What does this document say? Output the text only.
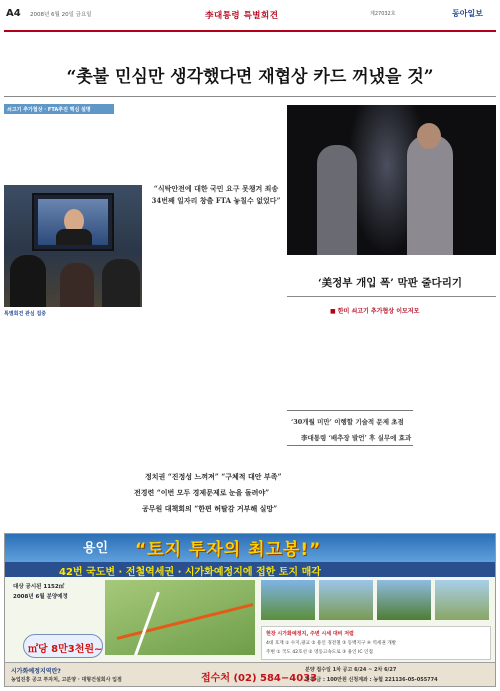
A4 2008년 6월 20일 금요일	李대통령 특별회견	제27032호	동아일보
“촛불 민심만 생각했다면 재협상 카드 꺼냈을 것”
쇠고기 추가협상 · FTA추진 핵심 설명
특별회견 관심 집중
“식탁안전에 대한 국민 요구 못챙겨 죄송 34번째 일자리 창출 FTA 놓칠수 없었다”
‘美정부 개입 폭’ 막판 줄다리기
■ 한미 쇠고기 추가협상 이모저모
‘30개월 미만’ 이행할 기술적 문제 초점
李대통령 ‘배추장 발언’ 후 실무에 효과
정치권 “진정성 느껴져” “구체적 대안 부족”
전경련 “이번 모두 경제문제로 눈을 돌려야”
공무원 대책회의 “한편 허탈감 거부해 실망”
용인 “토지 투자의 최고봉!”
42번 국도변 · 전철역세권 · 시가화예정지에 접한 토지 매각
대상 공시된 1152㎡
2008년 6월 분양예정
㎡당 8만3천원~
현장 시가화예정지, 주변 시세 대비 저렴
4대 호재 ① 수지,광교 ② 용인 경전철 ③ 동백지구 ④ 역세권 개발
주변 ① 국도 42호선 ② 영동고속도로 ③ 용인 IC 인접
시가화예정지역란?
농업진흥 공고 투자처, 고분양 · 대형건설회사 입점	접수처 (02) 584−4033
분양 접수일 1차 공고 6/24 ~ 2차 6/27
신청 금 : 100만원 신청계좌 : 농협 221136-05-055774
